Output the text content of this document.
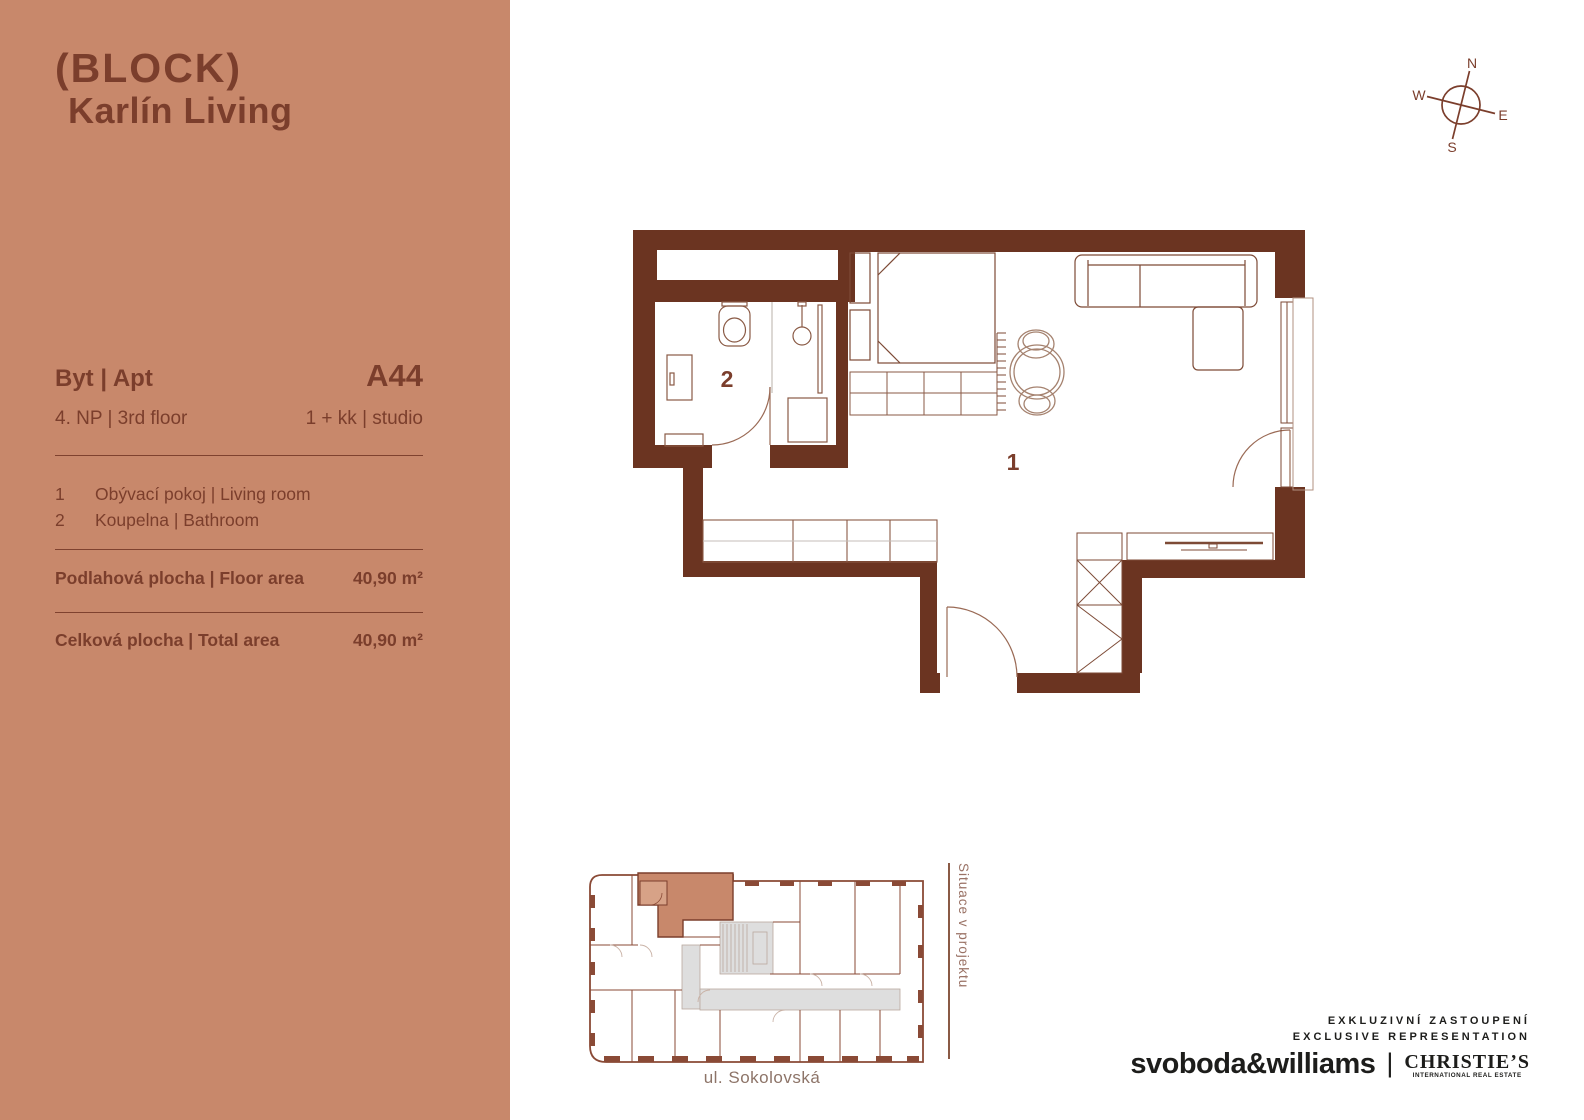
(BLOCK)
Karlín Living
Byt | Apt	A44
4. NP | 3rd floor	1 + kk | studio
1	Obývací pokoj | Living room
2	Koupelna | Bathroom
Podlahová plocha | Floor area	40,90 m²
Celková plocha | Total area	40,90 m²
N
S
W
E
1
2
ul. Sokolovská
Situace v projektu
EXKLUZIVNÍ ZASTOUPENÍ
EXCLUSIVE REPRESENTATION
svoboda&williams | CHRISTIE’S
INTERNATIONAL REAL ESTATE
